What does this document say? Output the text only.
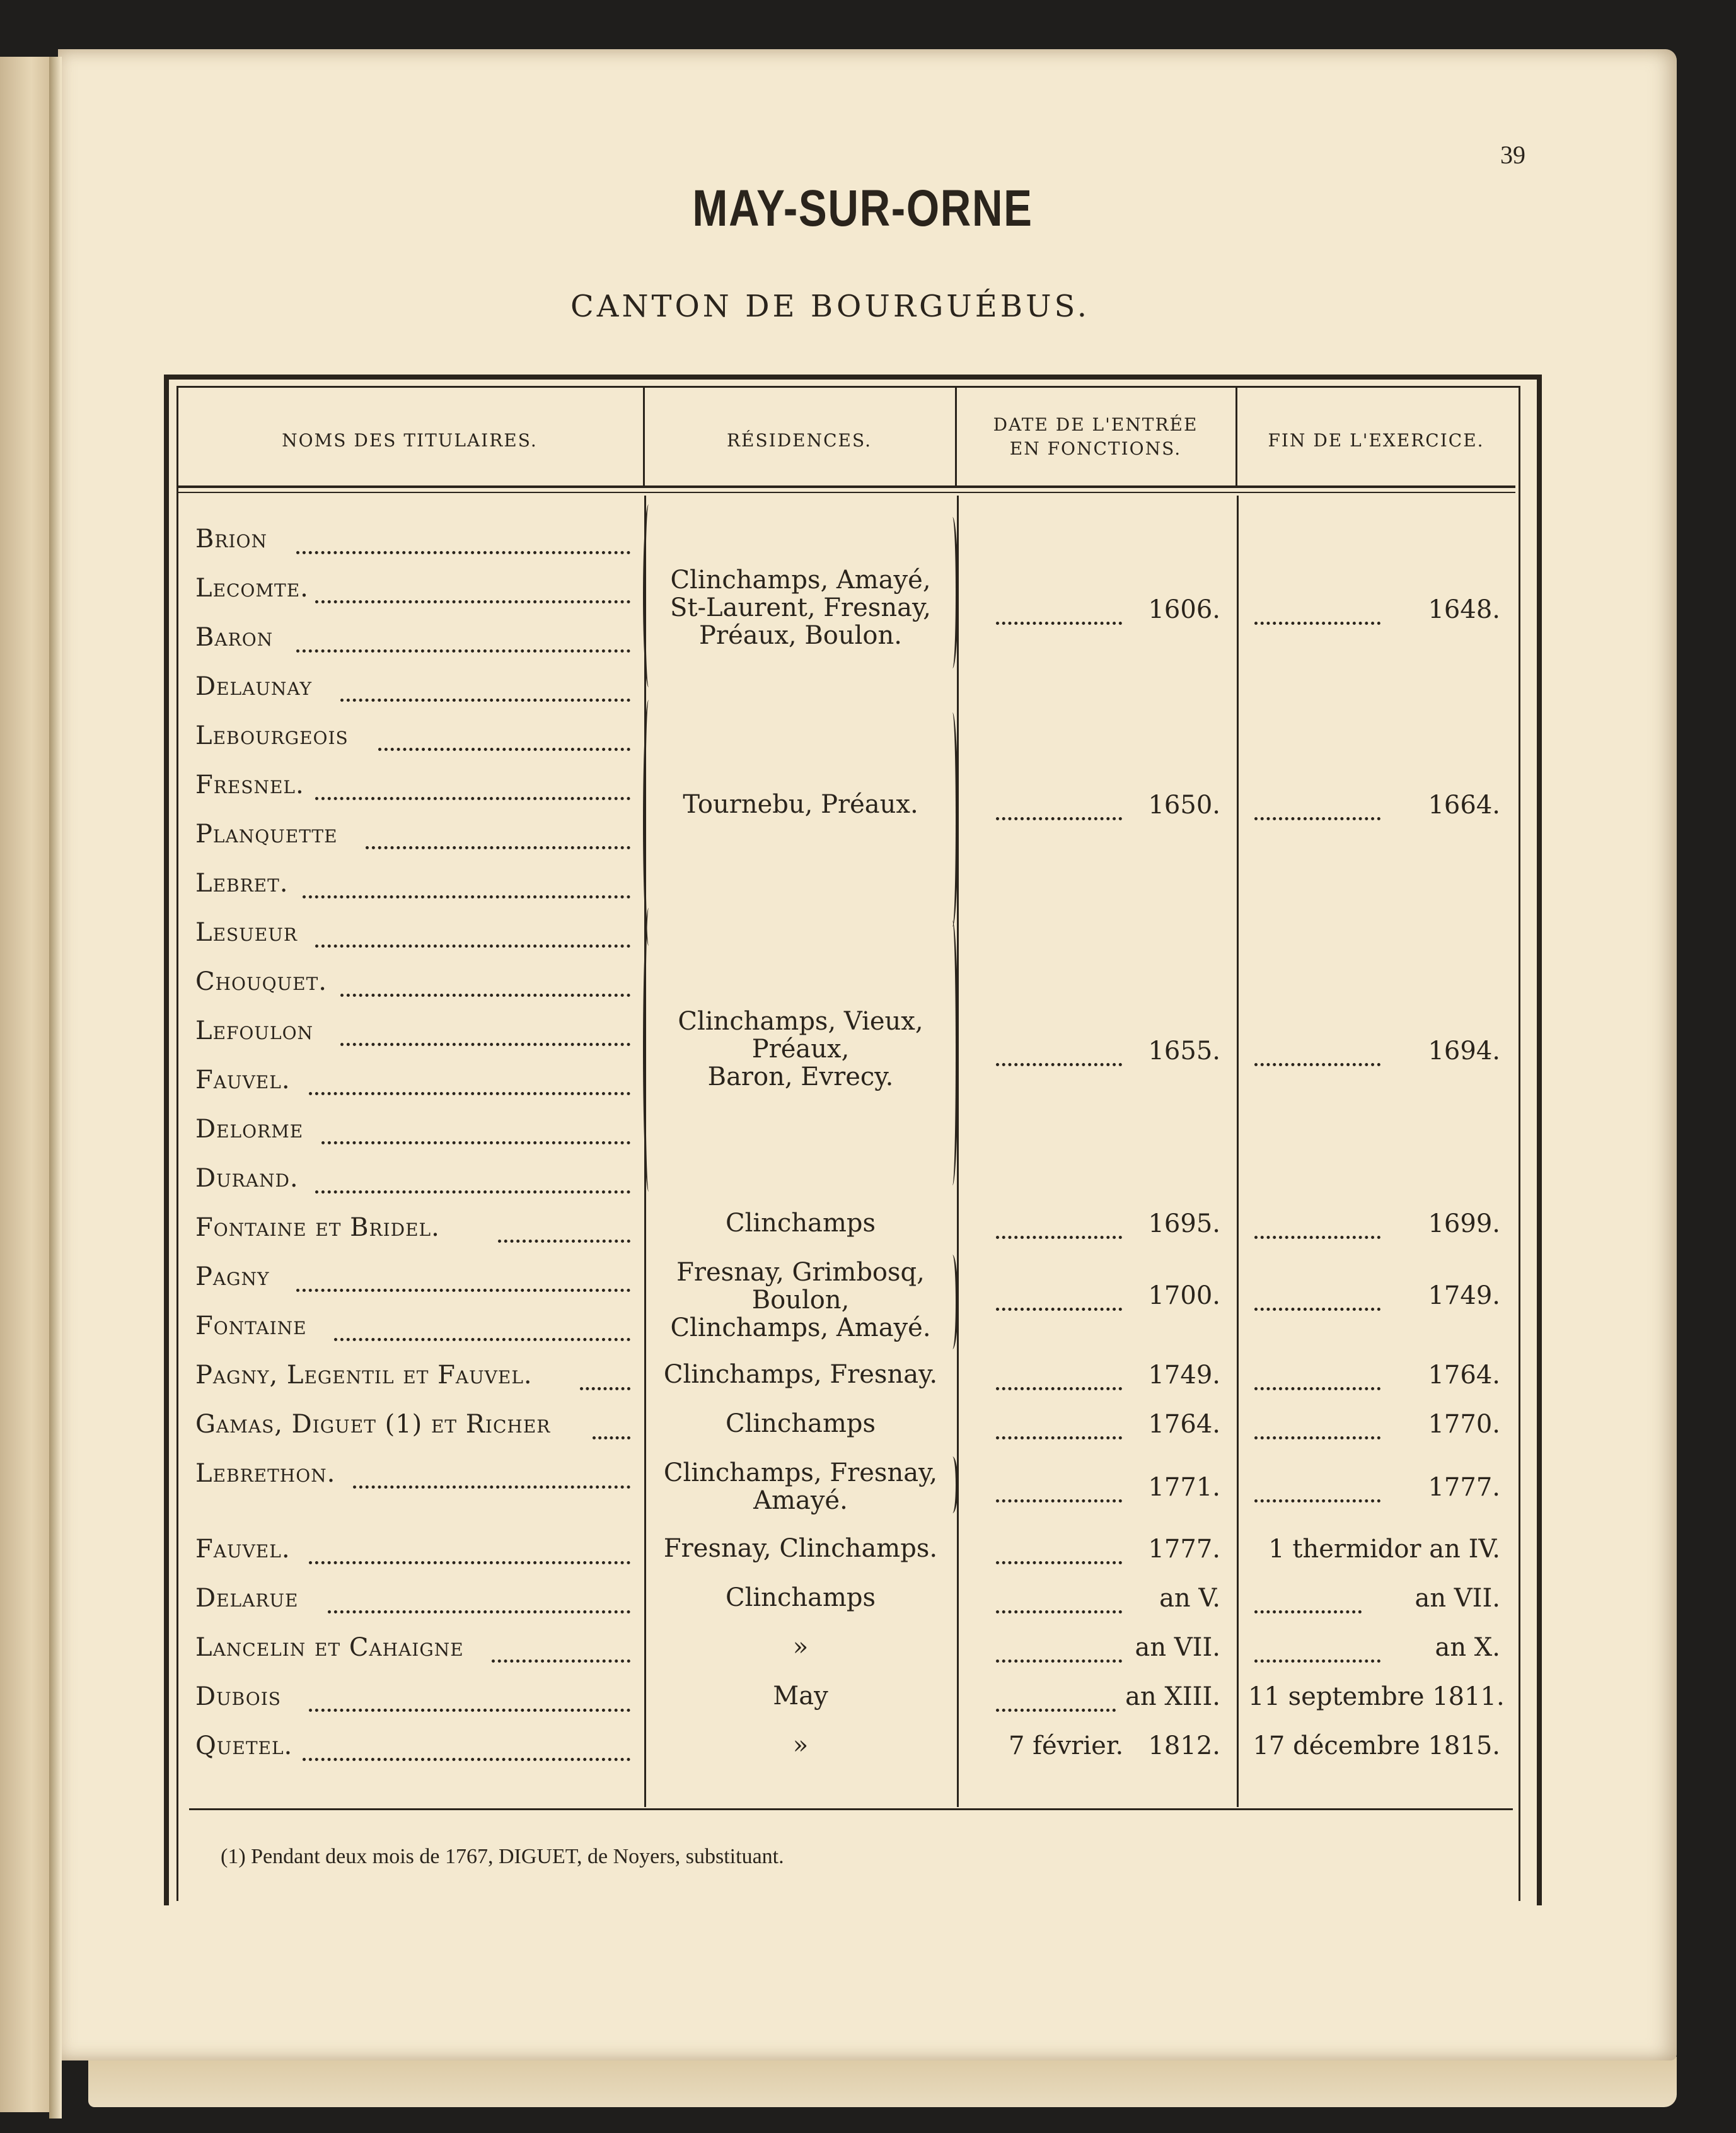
39
MAY-SUR-ORNE
CANTON DE BOURGUÉBUS.
NOMS DES TITULAIRES.	RÉSIDENCES.
DATE DE L'ENTRÉE
EN FONCTIONS.	FIN DE L'EXERCICE.
Brion
Lecomte.
Baron
Delaunay
Lebourgeois
Fresnel.
Planquette
Lebret.
Lesueur
Chouquet.
Lefoulon
Fauvel.
Delorme
Durand.
Fontaine et Bridel.
Pagny
Fontaine
Pagny, Legentil et Fauvel.
Gamas, Diguet (1) et Richer
Lebrethon.
Fauvel.
Delarue
Lancelin et Cahaigne
Dubois
Quetel.
Clinchamps, Amayé,
St-Laurent, Fresnay,
Préaux, Boulon.
Tournebu, Préaux.
Clinchamps, Vieux,
Préaux,
Baron, Evrecy.
Clinchamps
Fresnay, Grimbosq,
Boulon,
Clinchamps, Amayé.
Clinchamps, Fresnay.
Clinchamps
Clinchamps, Fresnay,
Amayé.
Fresnay, Clinchamps.
Clinchamps
»
May
»
1606.
1650.
1655.
1695.
1700.
1749.
1764.
1771.
1777.
an V.
an VII.
an XIII.
7 février. 1812.
1648.
1664.
1694.
1699.
1749.
1764.
1770.
1777.
1 thermidor an IV.
an VII.
an X.
11 septembre 1811.
17 décembre 1815.
(1) Pendant deux mois de 1767, DIGUET, de Noyers, substituant.
